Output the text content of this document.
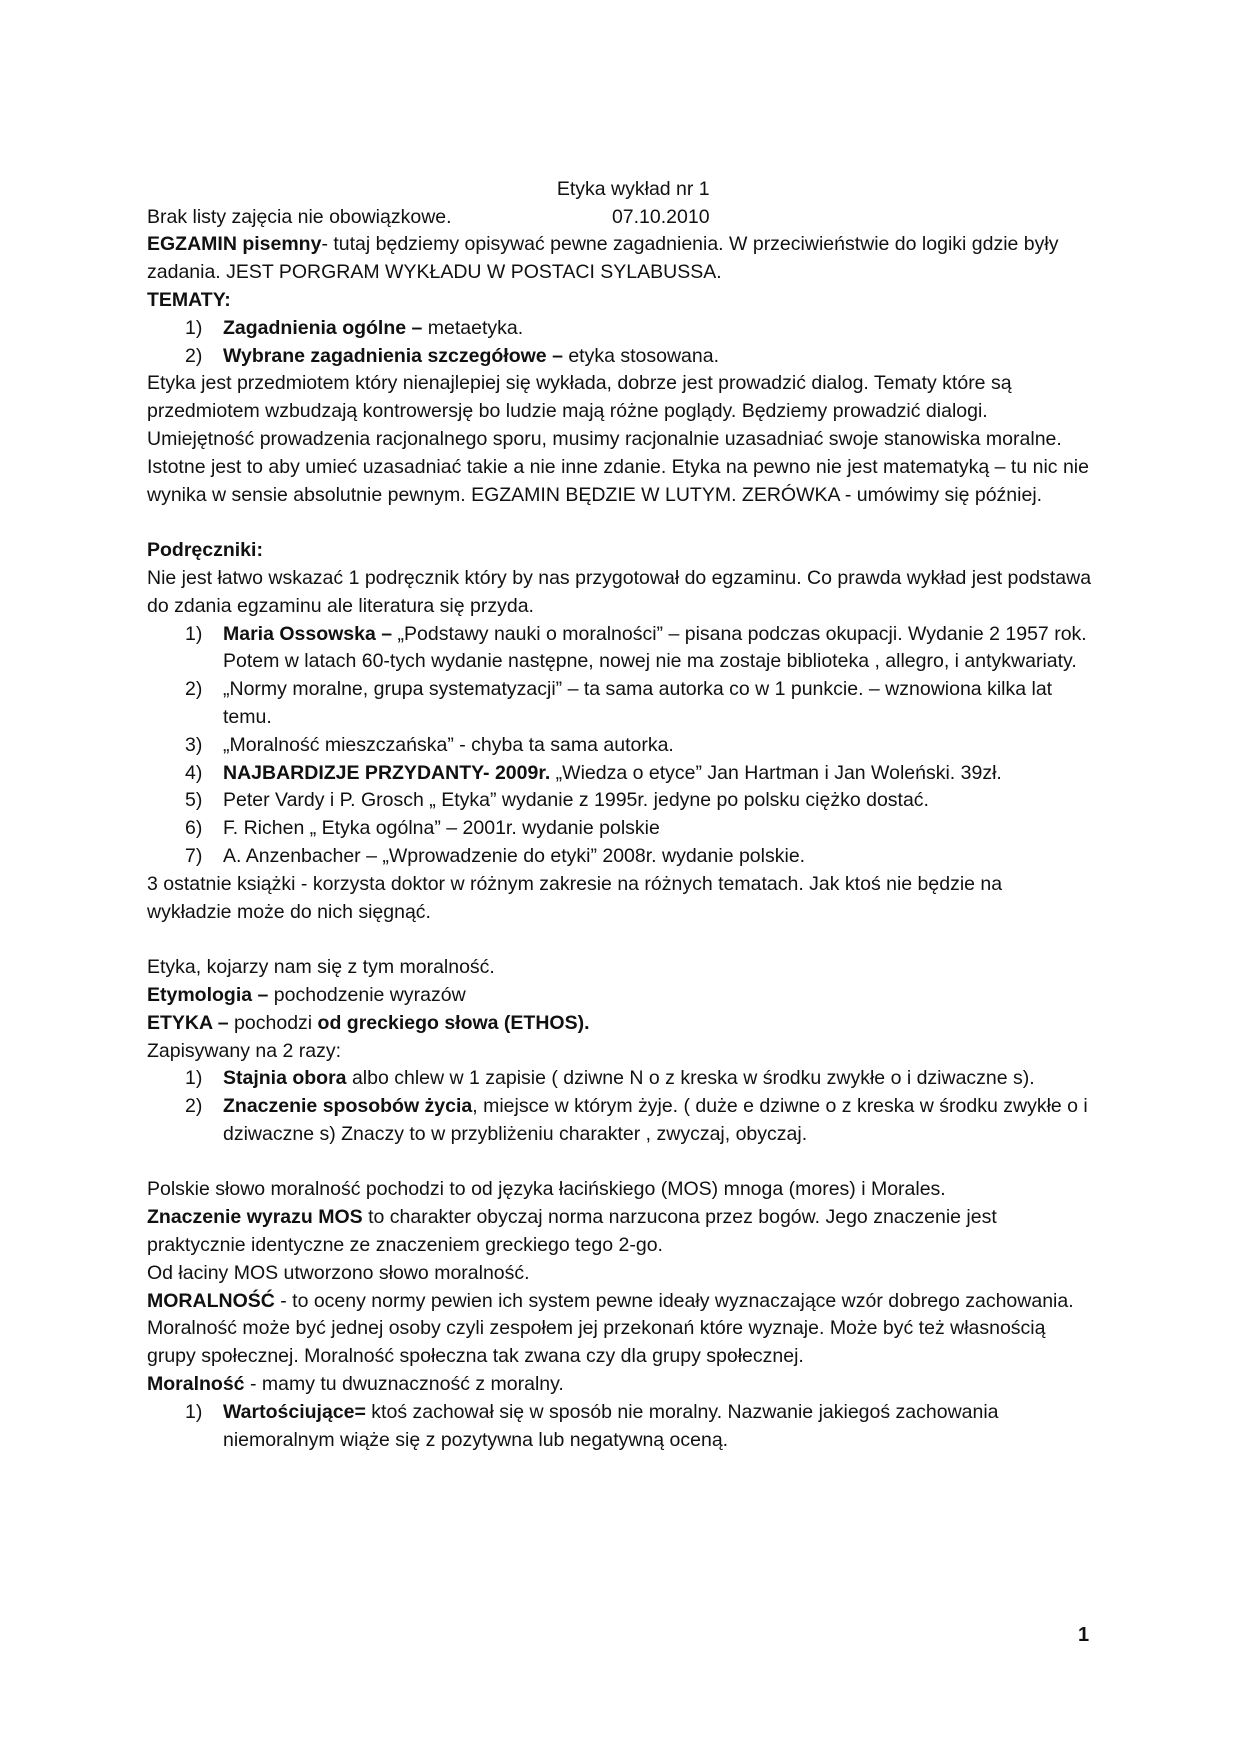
Etyka wykład nr 1
07.10.2010

Brak listy zajęcia nie obowiązkowe.

EGZAMIN pisemny- tutaj będziemy opisywać pewne zagadnienia. W przeciwieństwie do logiki gdzie były zadania. JEST PORGRAM WYKŁADU W POSTACI SYLABUSSA.

TEMATY:

1) Zagadnienia ogólne – metaetyka.
2) Wybrane zagadnienia szczegółowe – etyka stosowana.

Etyka jest przedmiotem który nienajlepiej się wykłada, dobrze jest prowadzić dialog. Tematy które są przedmiotem wzbudzają kontrowersję bo ludzie mają różne poglądy. Będziemy prowadzić dialogi. Umiejętność prowadzenia racjonalnego sporu, musimy racjonalnie uzasadniać swoje stanowiska moralne. Istotne jest to aby umieć uzasadniać takie a nie inne zdanie. Etyka na pewno nie jest matematyką – tu nic nie wynika w sensie absolutnie pewnym. EGZAMIN BĘDZIE W LUTYM. ZERÓWKA - umówimy się później.

Podręczniki:

Nie jest łatwo wskazać 1 podręcznik który by nas przygotował do egzaminu. Co prawda wykład jest podstawa do zdania egzaminu ale literatura się przyda.

1) Maria Ossowska – „Podstawy nauki o moralności” – pisana podczas okupacji. Wydanie 2 1957 rok. Potem w latach 60-tych wydanie następne, nowej nie ma zostaje biblioteka , allegro, i antykwariaty.
2) „Normy moralne, grupa systematyzacji” – ta sama autorka co w 1 punkcie. – wznowiona kilka lat temu.
3) „Moralność mieszczańska” - chyba ta sama autorka.
4) NAJBARDIZJE PRZYDANTY- 2009r. „Wiedza o etyce” Jan Hartman i Jan Woleński. 39zł.
5) Peter Vardy i P. Grosch „ Etyka” wydanie z 1995r. jedyne po polsku ciężko dostać.
6) F. Richen „ Etyka ogólna” – 2001r. wydanie polskie
7) A. Anzenbacher – „Wprowadzenie do etyki” 2008r. wydanie polskie.

3 ostatnie książki - korzysta doktor w różnym zakresie na różnych tematach. Jak ktoś nie będzie na wykładzie może do nich sięgnąć.

Etyka, kojarzy nam się z tym moralność.

Etymologia – pochodzenie wyrazów

ETYKA – pochodzi od greckiego słowa (ETHOS).

Zapisywany na 2 razy:

1) Stajnia obora albo chlew w 1 zapisie ( dziwne N o z kreska w środku zwykłe o i dziwaczne s).
2) Znaczenie sposobów życia, miejsce w którym żyje. ( duże e dziwne o z kreska w środku zwykłe o i dziwaczne s) Znaczy to w przybliżeniu charakter , zwyczaj, obyczaj.

Polskie słowo moralność pochodzi to od języka łacińskiego (MOS) mnoga (mores) i Morales.

Znaczenie wyrazu MOS to charakter obyczaj norma narzucona przez bogów. Jego znaczenie jest praktycznie identyczne ze znaczeniem greckiego tego 2-go.

Od łaciny MOS utworzono słowo moralność.

MORALNOŚĆ - to oceny normy pewien ich system pewne ideały wyznaczające wzór dobrego zachowania.

Moralność może być jednej osoby czyli zespołem jej przekonań które wyznaje. Może być też własnością grupy społecznej. Moralność społeczna tak zwana czy dla grupy społecznej.

Moralność - mamy tu dwuznaczność z moralny.

1) Wartościujące= ktoś zachował się w sposób nie moralny. Nazwanie jakiegoś zachowania niemoralnym wiąże się z pozytywna lub negatywną oceną.
1
